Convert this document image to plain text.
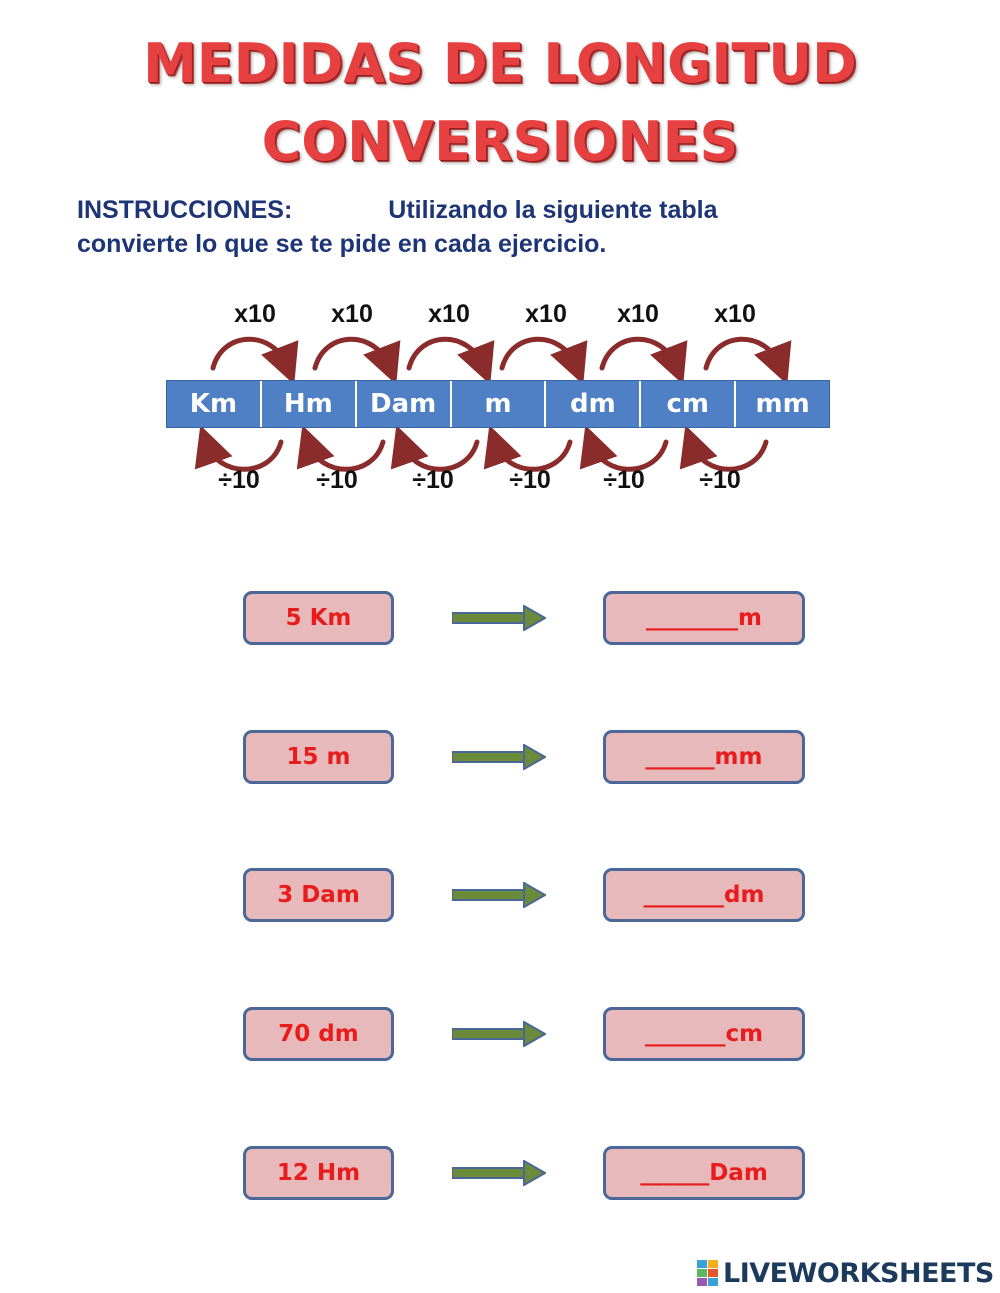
MEDIDAS DE LONGITUD
CONVERSIONES
INSTRUCCIONES:	Utilizando la siguiente tabla
convierte lo que se te pide en cada ejercicio.
x10 x10 x10 x10 x10 x10
Km	Hm	Dam	m	dm	cm	mm
÷10 ÷10 ÷10 ÷10 ÷10 ÷10
5 Km	________m
15 m	______mm
3 Dam	_______dm
70 dm	_______cm
12 Hm	______Dam
LIVEWORKSHEETS
